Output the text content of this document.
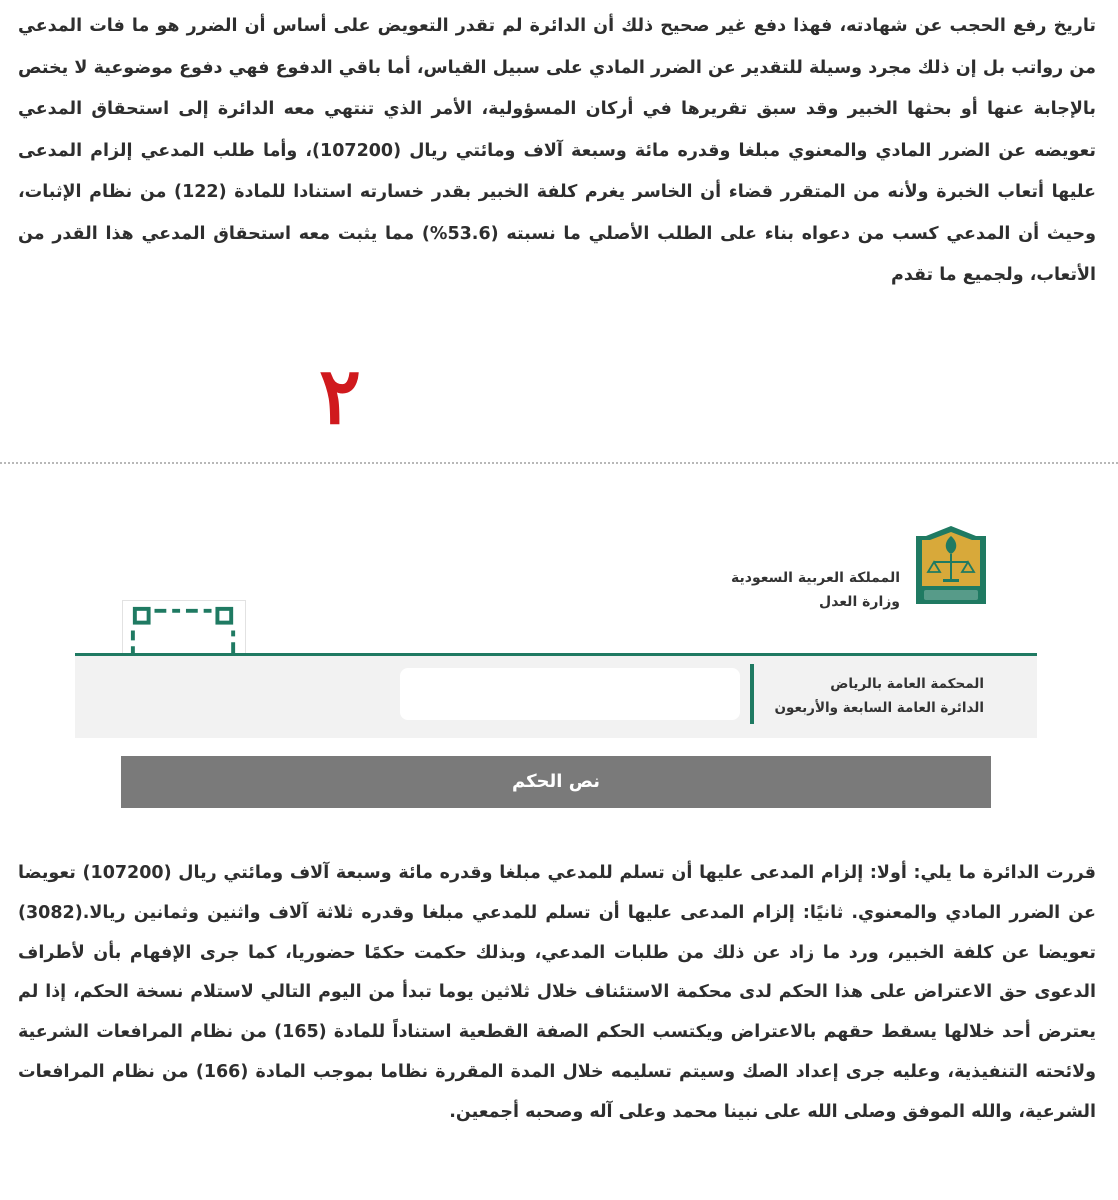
تاريخ رفع الحجب عن شهادته، فهذا دفع غير صحيح ذلك أن الدائرة لم تقدر التعويض على أساس أن الضرر هو ما فات المدعي من رواتب بل إن ذلك مجرد وسيلة للتقدير عن الضرر المادي على سبيل القياس، أما باقي الدفوع فهي دفوع موضوعية لا يختص بالإجابة عنها أو بحثها الخبير وقد سبق تقريرها في أركان المسؤولية، الأمر الذي تنتهي معه الدائرة إلى استحقاق المدعي تعويضه عن الضرر المادي والمعنوي مبلغا وقدره مائة وسبعة آلاف ومائتي ريال (107200)، وأما طلب المدعي إلزام المدعى عليها أتعاب الخبرة ولأنه من المتقرر قضاء أن الخاسر يغرم كلفة الخبير بقدر خسارته استنادا للمادة (122) من نظام الإثبات، وحيث أن المدعي كسب من دعواه بناء على الطلب الأصلي ما نسبته (53.6%) مما يثبت معه استحقاق المدعي هذا القدر من الأتعاب، ولجميع ما تقدم
٢
المملكة العربية السعودية
وزارة العدل
المحكمة العامة بالرياض
الدائرة العامة السابعة والأربعون
نص الحكم
قررت الدائرة ما يلي: أولا: إلزام المدعى عليها أن تسلم للمدعي مبلغا وقدره مائة وسبعة آلاف ومائتي ريال (107200) تعويضا عن الضرر المادي والمعنوي. ثانيًا: إلزام المدعى عليها أن تسلم للمدعي مبلغا وقدره ثلاثة آلاف واثنين وثمانين ريالا.(3082) تعويضا عن كلفة الخبير، ورد ما زاد عن ذلك من طلبات المدعي، وبذلك حكمت حكمًا حضوريا، كما جرى الإفهام بأن لأطراف الدعوى حق الاعتراض على هذا الحكم لدى محكمة الاستئناف خلال ثلاثين يوما تبدأ من اليوم التالي لاستلام نسخة الحكم، إذا لم يعترض أحد خلالها يسقط حقهم بالاعتراض ويكتسب الحكم الصفة القطعية استناداً للمادة (165) من نظام المرافعات الشرعية ولائحته التنفيذية، وعليه جرى إعداد الصك وسيتم تسليمه خلال المدة المقررة نظاما بموجب المادة (166) من نظام المرافعات الشرعية، والله الموفق وصلى الله على نبينا محمد وعلى آله وصحبه أجمعين.
